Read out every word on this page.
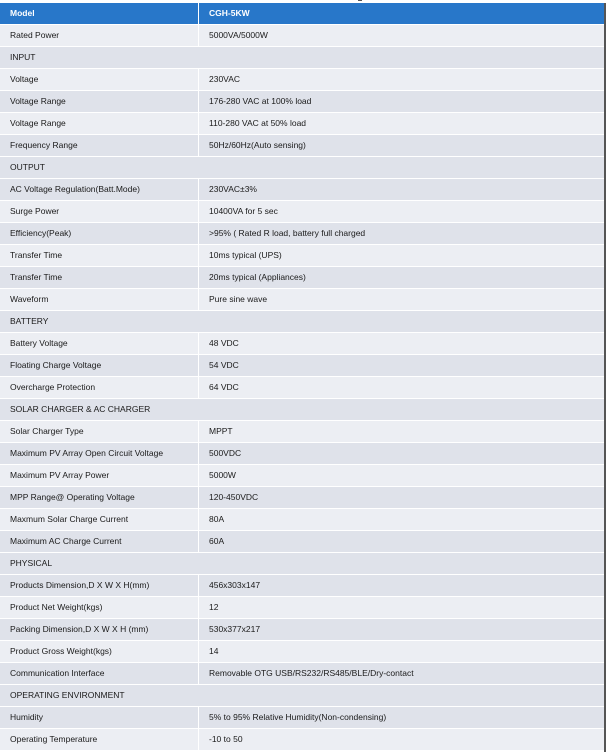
Model	CGH-5KW
Rated Power	5000VA/5000W
INPUT	
Voltage	230VAC
Voltage Range	176-280 VAC at 100% load
Voltage Range	110-280 VAC at 50% load
Frequency Range	50Hz/60Hz(Auto sensing)
OUTPUT	
AC Voltage Regulation(Batt.Mode)	230VAC±3%
Surge Power	10400VA for 5 sec
Efficiency(Peak)	>95% ( Rated R load, battery full charged
Transfer Time	10ms typical (UPS)
Transfer Time	20ms typical (Appliances)
Waveform	Pure sine wave
BATTERY	
Battery Voltage	48 VDC
Floating Charge Voltage	54 VDC
Overcharge Protection	64 VDC
SOLAR CHARGER & AC CHARGER	
Solar Charger Type	MPPT
Maximum PV Array Open Circuit Voltage	500VDC
Maximum PV Array Power	5000W
MPP Range@ Operating Voltage	120-450VDC
Maxmum Solar Charge Current	80A
Maximum AC Charge Current	60A
PHYSICAL	
Products Dimension,D X W X H(mm)	456x303x147
Product Net Weight(kgs)	12
Packing Dimension,D X W X H (mm)	530x377x217
Product Gross Weight(kgs)	14
Communication Interface	Removable OTG USB/RS232/RS485/BLE/Dry-contact
OPERATING ENVIRONMENT	
Humidity	5% to 95% Relative Humidity(Non-condensing)
Operating Temperature	-10 to 50
